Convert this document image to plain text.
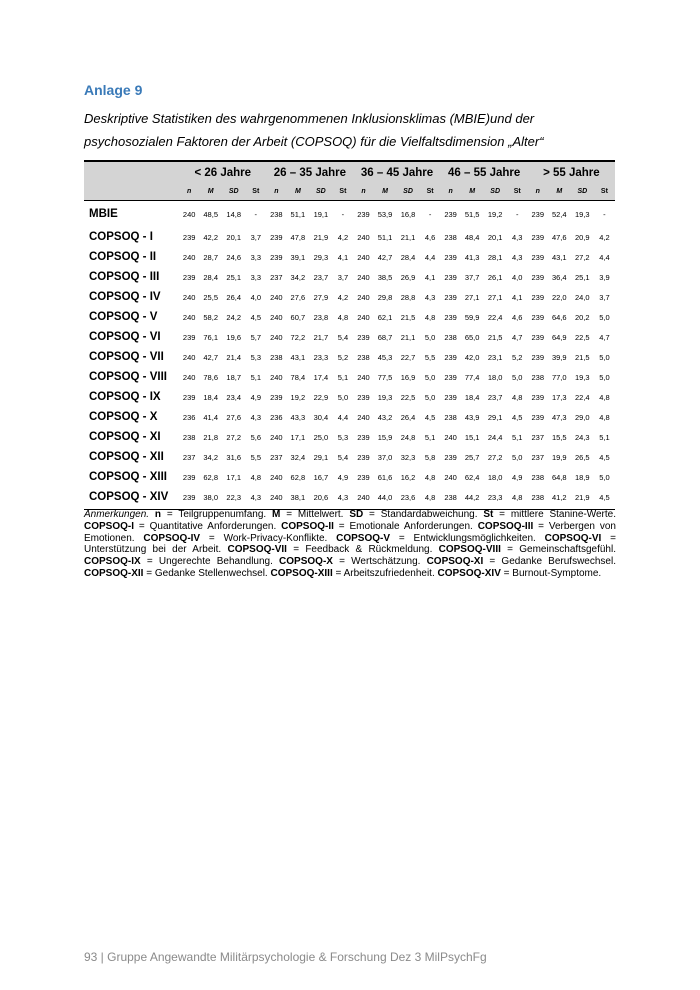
Anlage 9
Deskriptive Statistiken des wahrgenommenen Inklusionsklimas (MBIE)und der
psychosozialen Faktoren der Arbeit (COPSOQ) für die Vielfaltsdimension „Alter“
	< 26 Jahre				26 – 35 Jahre				36 – 45 Jahre				46 – 55 Jahre				> 55 Jahre			
	n	M	SD	St	n	M	SD	St	n	M	SD	St	n	M	SD	St	n	M	SD	St
MBIE	240	48,5	14,8	-	238	51,1	19,1	-	239	53,9	16,8	-	239	51,5	19,2	-	239	52,4	19,3	-
COPSOQ - I	239	42,2	20,1	3,7	239	47,8	21,9	4,2	240	51,1	21,1	4,6	238	48,4	20,1	4,3	239	47,6	20,9	4,2
COPSOQ - II	240	28,7	24,6	3,3	239	39,1	29,3	4,1	240	42,7	28,4	4,4	239	41,3	28,1	4,3	239	43,1	27,2	4,4
COPSOQ - III	239	28,4	25,1	3,3	237	34,2	23,7	3,7	240	38,5	26,9	4,1	239	37,7	26,1	4,0	239	36,4	25,1	3,9
COPSOQ - IV	240	25,5	26,4	4,0	240	27,6	27,9	4,2	240	29,8	28,8	4,3	239	27,1	27,1	4,1	239	22,0	24,0	3,7
COPSOQ - V	240	58,2	24,2	4,5	240	60,7	23,8	4,8	240	62,1	21,5	4,8	239	59,9	22,4	4,6	239	64,6	20,2	5,0
COPSOQ - VI	239	76,1	19,6	5,7	240	72,2	21,7	5,4	239	68,7	21,1	5,0	238	65,0	21,5	4,7	239	64,9	22,5	4,7
COPSOQ - VII	240	42,7	21,4	5,3	238	43,1	23,3	5,2	238	45,3	22,7	5,5	239	42,0	23,1	5,2	239	39,9	21,5	5,0
COPSOQ - VIII	240	78,6	18,7	5,1	240	78,4	17,4	5,1	240	77,5	16,9	5,0	239	77,4	18,0	5,0	238	77,0	19,3	5,0
COPSOQ - IX	239	18,4	23,4	4,9	239	19,2	22,9	5,0	239	19,3	22,5	5,0	239	18,4	23,7	4,8	239	17,3	22,4	4,8
COPSOQ - X	236	41,4	27,6	4,3	236	43,3	30,4	4,4	240	43,2	26,4	4,5	238	43,9	29,1	4,5	239	47,3	29,0	4,8
COPSOQ - XI	238	21,8	27,2	5,6	240	17,1	25,0	5,3	239	15,9	24,8	5,1	240	15,1	24,4	5,1	237	15,5	24,3	5,1
COPSOQ - XII	237	34,2	31,6	5,5	237	32,4	29,1	5,4	239	37,0	32,3	5,8	239	25,7	27,2	5,0	237	19,9	26,5	4,5
COPSOQ - XIII	239	62,8	17,1	4,8	240	62,8	16,7	4,9	239	61,6	16,2	4,8	240	62,4	18,0	4,9	238	64,8	18,9	5,0
COPSOQ - XIV	239	38,0	22,3	4,3	240	38,1	20,6	4,3	240	44,0	23,6	4,8	238	44,2	23,3	4,8	238	41,2	21,9	4,5
Anmerkungen. n = Teilgruppenumfang. M = Mittelwert. SD = Standardabweichung. St = mittlere Stanine-Werte. COPSOQ-I = Quantitative Anforderungen. COPSOQ-II = Emotionale Anforderungen. COPSOQ-III = Verbergen von Emotionen. COPSOQ-IV = Work-Privacy-Konflikte. COPSOQ-V = Entwicklungsmöglichkeiten. COPSOQ-VI = Unterstützung bei der Arbeit. COPSOQ-VII = Feedback & Rückmeldung. COPSOQ-VIII = Gemeinschaftsgefühl. COPSOQ-IX = Ungerechte Behandlung. COPSOQ-X = Wertschätzung. COPSOQ-XI = Gedanke Berufswechsel. COPSOQ-XII = Gedanke Stellenwechsel. COPSOQ-XIII = Arbeitszufriedenheit. COPSOQ-XIV = Burnout-Symptome.
93 | Gruppe Angewandte Militärpsychologie & Forschung Dez 3 MilPsychFg
